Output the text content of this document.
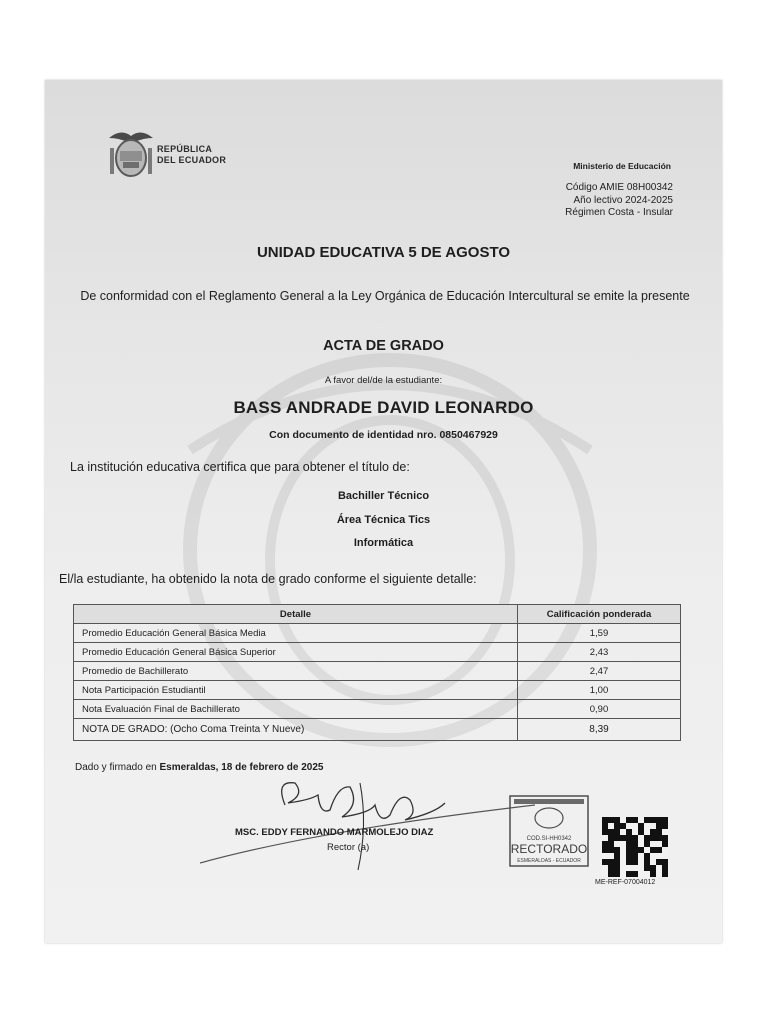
REPÚBLICA
DEL ECUADOR
Ministerio de Educación
Código AMIE 08H00342
Año lectivo 2024-2025
Régimen Costa - Insular
UNIDAD EDUCATIVA 5 DE AGOSTO
De conformidad con el Reglamento General a la Ley Orgánica de Educación Intercultural se emite la presente
ACTA DE GRADO
A favor del/de la estudiante:
BASS ANDRADE DAVID LEONARDO
Con documento de identidad nro. 0850467929
La institución educativa certifica que para obtener el título de:
Bachiller Técnico
Área Técnica Tics
Informática
El/la estudiante, ha obtenido la nota de grado conforme el siguiente detalle:
Detalle	Calificación ponderada
Promedio Educación General Básica Media	1,59
Promedio Educación General Básica Superior	2,43
Promedio de Bachillerato	2,47
Nota Participación Estudiantil	1,00
Nota Evaluación Final de Bachillerato	0,90
NOTA DE GRADO: (Ocho Coma Treinta Y Nueve)	8,39
Dado y firmado en Esmeraldas, 18 de febrero de 2025
MSC. EDDY FERNANDO MARMOLEJO DIAZ
Rector (a)
COD.SI-HH0342
RECTORADO
ESMERALDAS - ECUADOR
ME-REF-07004012
